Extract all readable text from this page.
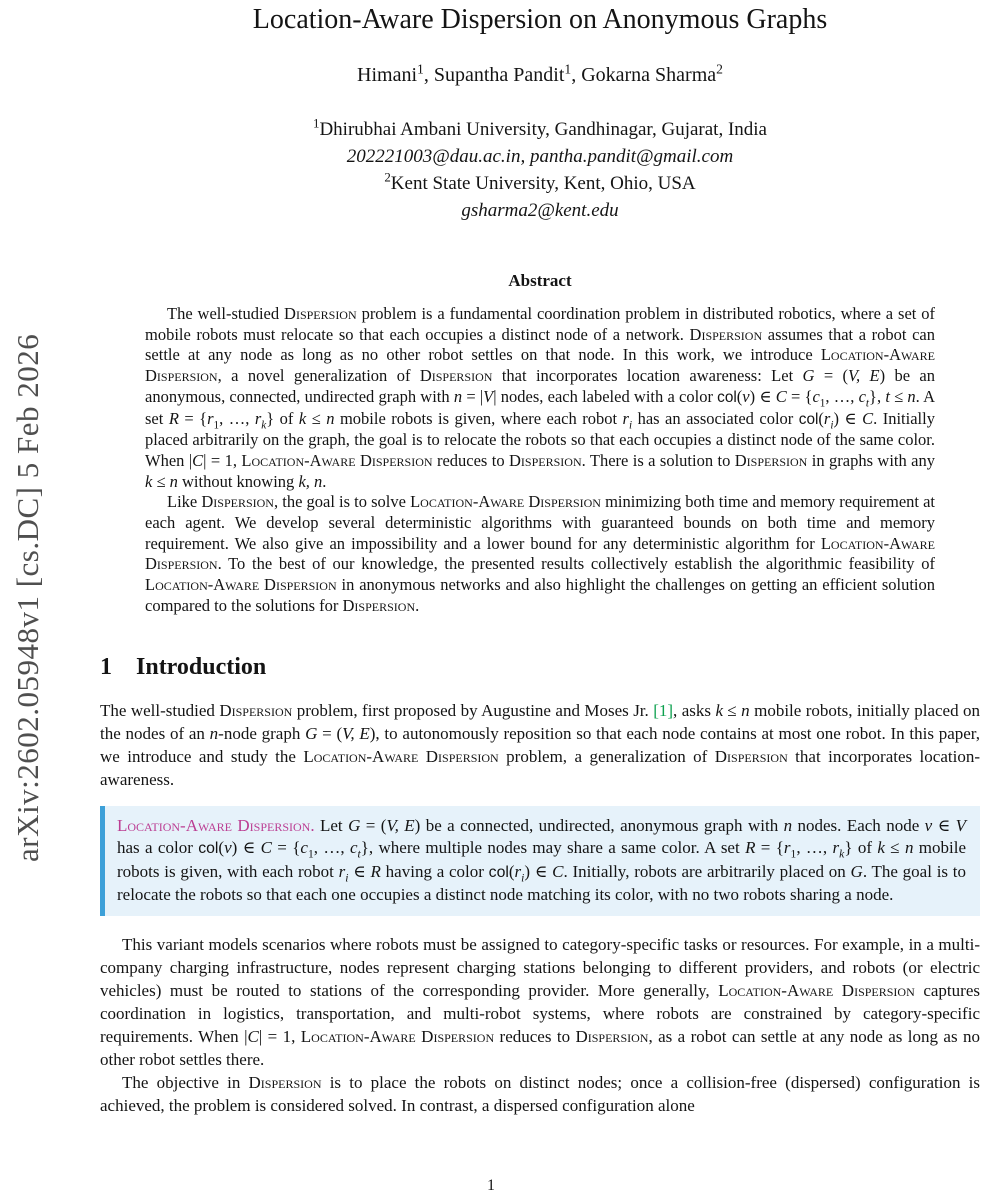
arXiv:2602.05948v1 [cs.DC] 5 Feb 2026
Location-Aware Dispersion on Anonymous Graphs
Himani$^1$, Supantha Pandit$^1$, Gokarna Sharma$^2$
$^1$Dhirubhai Ambani University, Gandhinagar, Gujarat, India
202221003@dau.ac.in, pantha.pandit@gmail.com
$^2$Kent State University, Kent, Ohio, USA
gsharma2@kent.edu
Abstract

The well-studied Dispersion problem is a fundamental coordination problem in distributed robotics, where a set of mobile robots must relocate so that each occupies a distinct node of a network. Dispersion assumes that a robot can settle at any node as long as no other robot settles on that node. In this work, we introduce Location-Aware Dispersion, a novel generalization of Dispersion that incorporates location awareness: Let G = (V, E) be an anonymous, connected, undirected graph with n = |V| nodes, each labeled with a color col(v) ∈ $C = \{c_1$, …, $c_t$}, t ≤ n. A set $R = \{r_1$, …, $r_k$} of k ≤ n mobile robots is given, where each robot $r_i$ has an associated color $col(r_i)$ ∈ C. Initially placed arbitrarily on the graph, the goal is to relocate the robots so that each occupies a distinct node of the same color. When |C| = 1, Location-Aware Dispersion reduces to Dispersion. There is a solution to Dispersion in graphs with any k ≤ n without knowing k, n.

Like Dispersion, the goal is to solve Location-Aware Dispersion minimizing both time and memory requirement at each agent. We develop several deterministic algorithms with guaranteed bounds on both time and memory requirement. We also give an impossibility and a lower bound for any deterministic algorithm for Location-Aware Dispersion. To the best of our knowledge, the presented results collectively establish the algorithmic feasibility of Location-Aware Dispersion in anonymous networks and also highlight the challenges on getting an efficient solution compared to the solutions for Dispersion.

1 Introduction

The well-studied Dispersion problem, first proposed by Augustine and Moses Jr. [1], asks k ≤ n mobile robots, initially placed on the nodes of an n-node graph G = (V, E), to autonomously reposition so that each node contains at most one robot. In this paper, we introduce and study the Location-Aware Dispersion problem, a generalization of Dispersion that incorporates location-awareness.

Location-Aware Dispersion. Let G = (V, E) be a connected, undirected, anonymous graph with n nodes. Each node v ∈ V has a color col(v) ∈ $C = \{c_1$, …, $c_t$}, where multiple nodes may share a same color. A set $R = \{r_1$, …, $r_k$} of k ≤ n mobile robots is given, with each robot $r_i$ ∈ R having a color $col(r_i)$ ∈ C. Initially, robots are arbitrarily placed on G. The goal is to relocate the robots so that each one occupies a distinct node matching its color, with no two robots sharing a node.

This variant models scenarios where robots must be assigned to category-specific tasks or resources. For example, in a multi-company charging infrastructure, nodes represent charging stations belonging to different providers, and robots (or electric vehicles) must be routed to stations of the corresponding provider. More generally, Location-Aware Dispersion captures coordination in logistics, transportation, and multi-robot systems, where robots are constrained by category-specific requirements. When |C| = 1, Location-Aware Dispersion reduces to Dispersion, as a robot can settle at any node as long as no other robot settles there.

The objective in Dispersion is to place the robots on distinct nodes; once a collision-free (dispersed) configuration is achieved, the problem is considered solved. In contrast, a dispersed configuration alone

1
